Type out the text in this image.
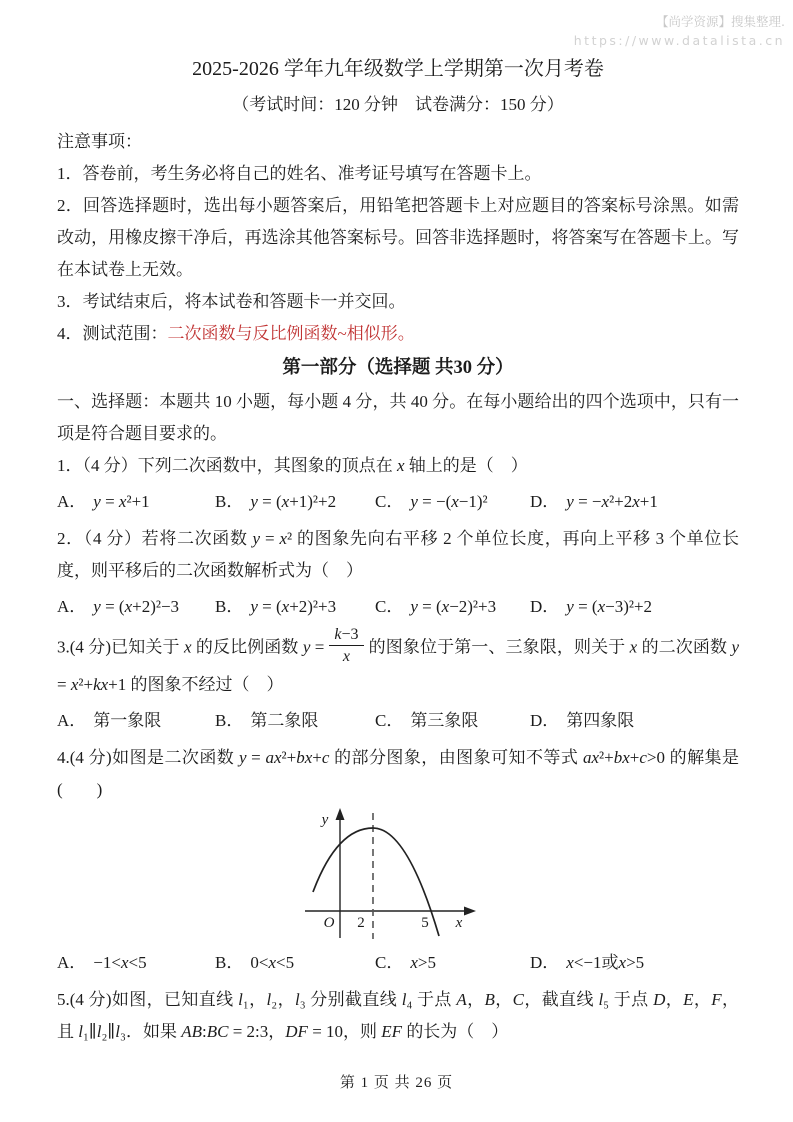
【尚学资源】搜集整理.
https://www.datalista.cn
2025-2026 学年九年级数学上学期第一次月考卷
（考试时间：120 分钟　试卷满分：150 分）
注意事项：
1．答卷前，考生务必将自己的姓名、准考证号填写在答题卡上。
2．回答选择题时，选出每小题答案后，用铅笔把答题卡上对应题目的答案标号涂黑。如需改动，用橡皮擦干净后，再选涂其他答案标号。回答非选择题时，将答案写在答题卡上。写在本试卷上无效。
3．考试结束后，将本试卷和答题卡一并交回。
4．测试范围：二次函数与反比例函数~相似形。
第一部分（选择题 共30 分）
一、选择题：本题共 10 小题，每小题 4 分，共 40 分。在每小题给出的四个选项中，只有一项是符合题目要求的。
1．（4 分）下列二次函数中，其图象的顶点在 x 轴上的是（　）
A． y = x²+1	B． y = (x+1)²+2	C． y = −(x−1)²	D． y = −x²+2x+1
2．（4 分）若将二次函数 y = x² 的图象先向右平移 2 个单位长度，再向上平移 3 个单位长度，则平移后的二次函数解析式为（　）
A． y = (x+2)²−3	B． y = (x+2)²+3	C． y = (x−2)²+3	D． y = (x−3)²+2
3.(4 分)已知关于 x 的反比例函数 $y = \frac{k-3}{x}$ 的图象位于第一、三象限，则关于 x 的二次函数 y = x²+kx+1 的图象不经过（　）
A． 第一象限	B． 第二象限	C． 第三象限	D． 第四象限
4.(4 分)如图是二次函数 y = ax²+bx+c 的部分图象，由图象可知不等式 ax²+bx+c>0 的解集是(　　)
y
O 2	5 x
A． −1<x<5	B． 0<x<5	C． x>5	D． x<−1或x>5
5.(4 分)如图，已知直线 l₁，l₂，l₃ 分别截直线 l₄ 于点 A，B，C，截直线 l₅ 于点 D，E，F，且 l₁∥l₂∥l₃．如果 AB:BC = 2:3，DF = 10，则 EF 的长为（　）
第 1 页 共 26 页
